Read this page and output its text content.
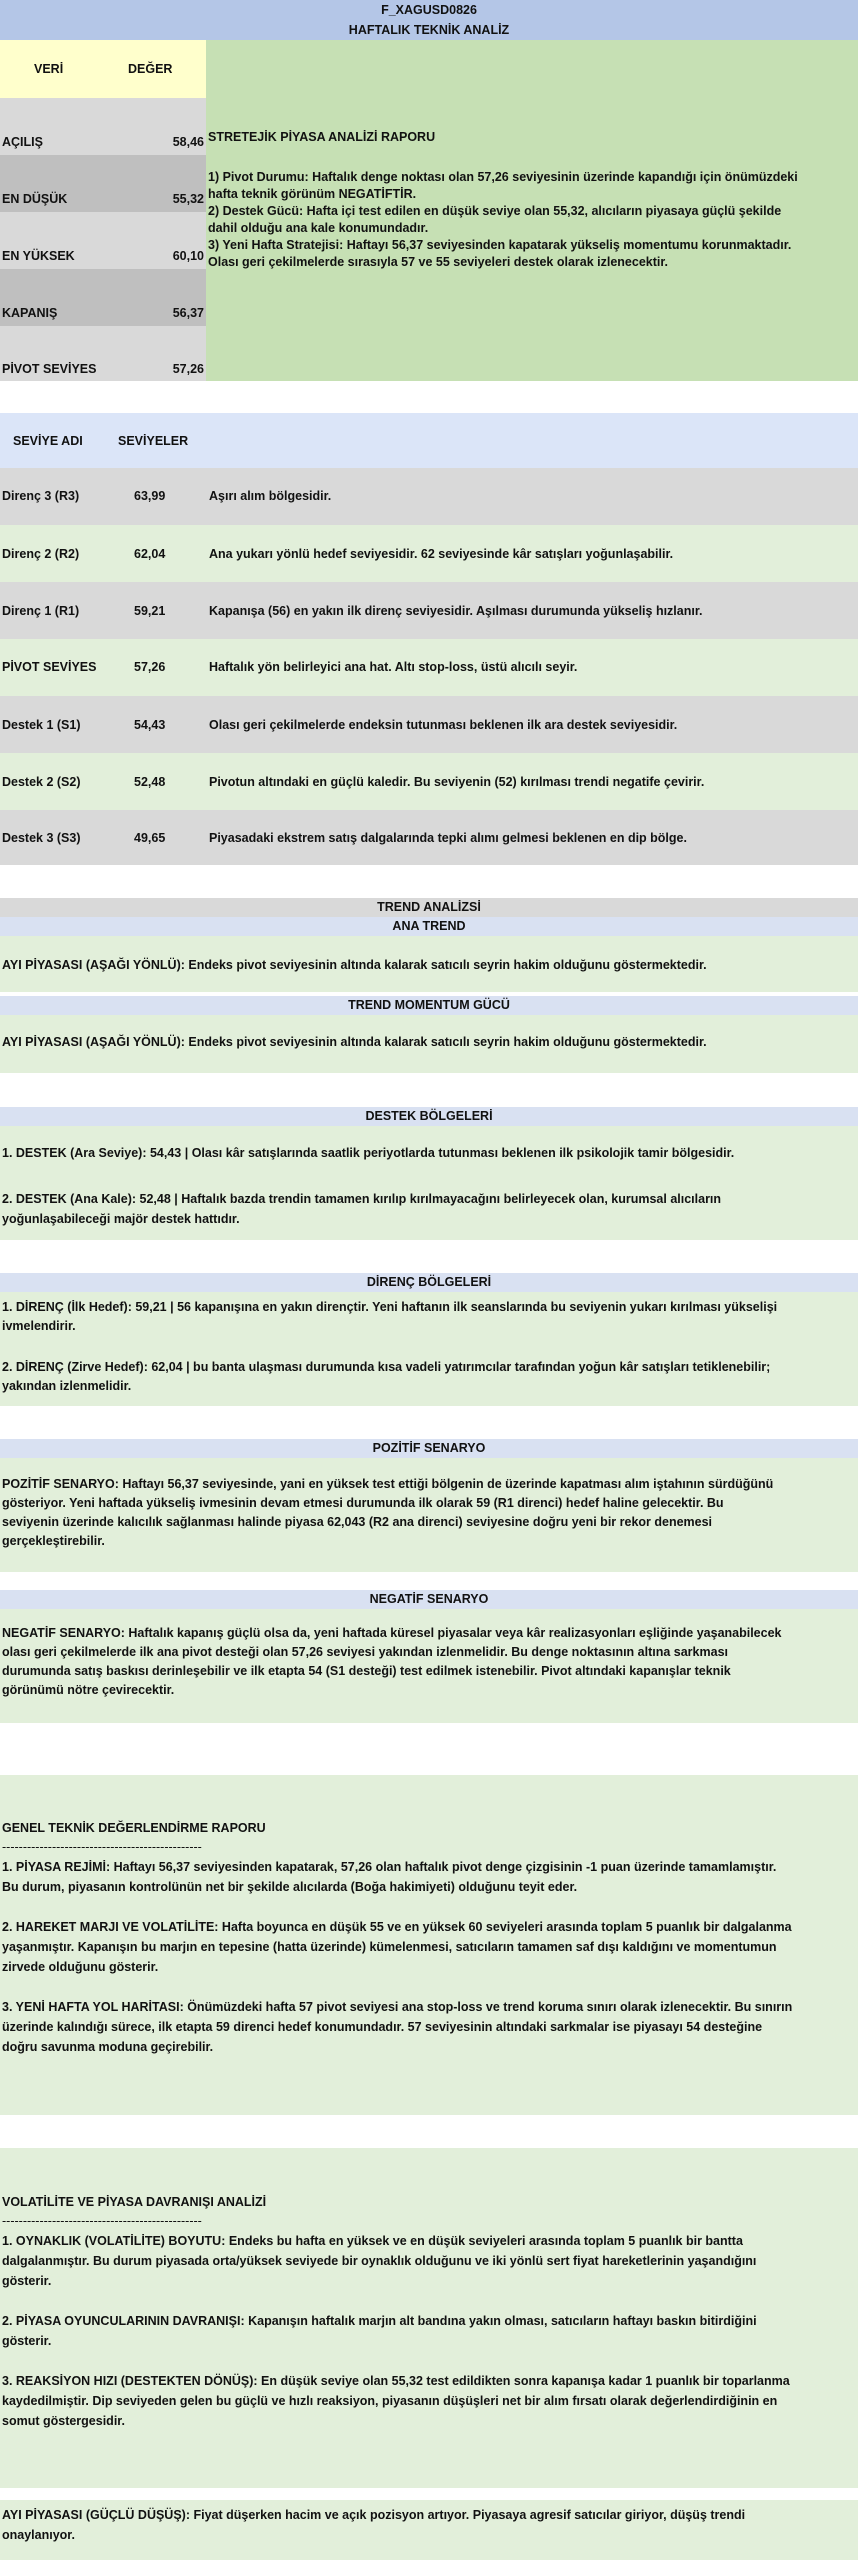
F_XAGUSD0826
HAFTALIK TEKNİK ANALİZ
VERİ	DEĞER
AÇILIŞ	58,46
EN DÜŞÜK	55,32
EN YÜKSEK	60,10
KAPANIŞ	56,37
PİVOT SEVİYES	57,26
STRETEJİK PİYASA ANALİZİ RAPORU
1) Pivot Durumu: Haftalık denge noktası olan 57,26 seviyesinin üzerinde kapandığı için önümüzdeki
hafta teknik görünüm NEGATİFTİR.
2) Destek Gücü: Hafta içi test edilen en düşük seviye olan 55,32, alıcıların piyasaya güçlü şekilde
dahil olduğu ana kale konumundadır.
3) Yeni Hafta Stratejisi: Haftayı 56,37 seviyesinden kapatarak yükseliş momentumu korunmaktadır.
Olası geri çekilmelerde sırasıyla 57 ve 55 seviyeleri destek olarak izlenecektir.
SEVİYE ADI	SEVİYELER
Direnç 3 (R3)	63,99	Aşırı alım bölgesidir.
Direnç 2 (R2)	62,04	Ana yukarı yönlü hedef seviyesidir. 62 seviyesinde kâr satışları yoğunlaşabilir.
Direnç 1 (R1)	59,21	Kapanışa (56) en yakın ilk direnç seviyesidir. Aşılması durumunda yükseliş hızlanır.
PİVOT SEVİYES	57,26	Haftalık yön belirleyici ana hat. Altı stop-loss, üstü alıcılı seyir.
Destek 1 (S1)	54,43	Olası geri çekilmelerde endeksin tutunması beklenen ilk ara destek seviyesidir.
Destek 2 (S2)	52,48	Pivotun altındaki en güçlü kaledir. Bu seviyenin (52) kırılması trendi negatife çevirir.
Destek 3 (S3)	49,65	Piyasadaki ekstrem satış dalgalarında tepki alımı gelmesi beklenen en dip bölge.
TREND ANALİZSİ
ANA TREND
AYI PİYASASI (AŞAĞI YÖNLÜ): Endeks pivot seviyesinin altında kalarak satıcılı seyrin hakim olduğunu göstermektedir.
TREND MOMENTUM GÜCÜ
AYI PİYASASI (AŞAĞI YÖNLÜ): Endeks pivot seviyesinin altında kalarak satıcılı seyrin hakim olduğunu göstermektedir.
DESTEK BÖLGELERİ
1. DESTEK (Ara Seviye): 54,43 | Olası kâr satışlarında saatlik periyotlarda tutunması beklenen ilk psikolojik tamir bölgesidir.
2. DESTEK (Ana Kale): 52,48 | Haftalık bazda trendin tamamen kırılıp kırılmayacağını belirleyecek olan, kurumsal alıcıların
yoğunlaşabileceği majör destek hattıdır.
DİRENÇ BÖLGELERİ
1. DİRENÇ (İlk Hedef): 59,21 | 56 kapanışına en yakın dirençtir. Yeni haftanın ilk seanslarında bu seviyenin yukarı kırılması yükselişi
ivmelendirir.
2. DİRENÇ (Zirve Hedef): 62,04 | bu banta ulaşması durumunda kısa vadeli yatırımcılar tarafından yoğun kâr satışları tetiklenebilir;
yakından izlenmelidir.
POZİTİF SENARYO
POZİTİF SENARYO: Haftayı 56,37 seviyesinde, yani en yüksek test ettiği bölgenin de üzerinde kapatması alım iştahının sürdüğünü
gösteriyor. Yeni haftada yükseliş ivmesinin devam etmesi durumunda ilk olarak 59 (R1 direnci) hedef haline gelecektir. Bu
seviyenin üzerinde kalıcılık sağlanması halinde piyasa 62,043 (R2 ana direnci) seviyesine doğru yeni bir rekor denemesi
gerçekleştirebilir.
NEGATİF SENARYO
NEGATİF SENARYO: Haftalık kapanış güçlü olsa da, yeni haftada küresel piyasalar veya kâr realizasyonları eşliğinde yaşanabilecek
olası geri çekilmelerde ilk ana pivot desteği olan 57,26 seviyesi yakından izlenmelidir. Bu denge noktasının altına sarkması
durumunda satış baskısı derinleşebilir ve ilk etapta 54 (S1 desteği) test edilmek istenebilir. Pivot altındaki kapanışlar teknik
görünümü nötre çevirecektir.
GENEL TEKNİK DEĞERLENDİRME RAPORU
------------------------------------------------
1. PİYASA REJİMİ: Haftayı 56,37 seviyesinden kapatarak, 57,26 olan haftalık pivot denge çizgisinin -1 puan üzerinde tamamlamıştır.
Bu durum, piyasanın kontrolünün net bir şekilde alıcılarda (Boğa hakimiyeti) olduğunu teyit eder.
2. HAREKET MARJI VE VOLATİLİTE: Hafta boyunca en düşük 55 ve en yüksek 60 seviyeleri arasında toplam 5 puanlık bir dalgalanma
yaşanmıştır. Kapanışın bu marjın en tepesine (hatta üzerinde) kümelenmesi, satıcıların tamamen saf dışı kaldığını ve momentumun
zirvede olduğunu gösterir.
3. YENİ HAFTA YOL HARİTASI: Önümüzdeki hafta 57 pivot seviyesi ana stop-loss ve trend koruma sınırı olarak izlenecektir. Bu sınırın
üzerinde kalındığı sürece, ilk etapta 59 direnci hedef konumundadır. 57 seviyesinin altındaki sarkmalar ise piyasayı 54 desteğine
doğru savunma moduna geçirebilir.
VOLATİLİTE VE PİYASA DAVRANIŞI ANALİZİ
------------------------------------------------
1. OYNAKLIK (VOLATİLİTE) BOYUTU: Endeks bu hafta en yüksek ve en düşük seviyeleri arasında toplam 5 puanlık bir bantta
dalgalanmıştır. Bu durum piyasada orta/yüksek seviyede bir oynaklık olduğunu ve iki yönlü sert fiyat hareketlerinin yaşandığını
gösterir.
2. PİYASA OYUNCULARININ DAVRANIŞI: Kapanışın haftalık marjın alt bandına yakın olması, satıcıların haftayı baskın bitirdiğini
gösterir.
3. REAKSİYON HIZI (DESTEKTEN DÖNÜŞ): En düşük seviye olan 55,32 test edildikten sonra kapanışa kadar 1 puanlık bir toparlanma
kaydedilmiştir. Dip seviyeden gelen bu güçlü ve hızlı reaksiyon, piyasanın düşüşleri net bir alım fırsatı olarak değerlendirdiğinin en
somut göstergesidir.
AYI PİYASASI (GÜÇLÜ DÜŞÜŞ): Fiyat düşerken hacim ve açık pozisyon artıyor. Piyasaya agresif satıcılar giriyor, düşüş trendi
onaylanıyor.
